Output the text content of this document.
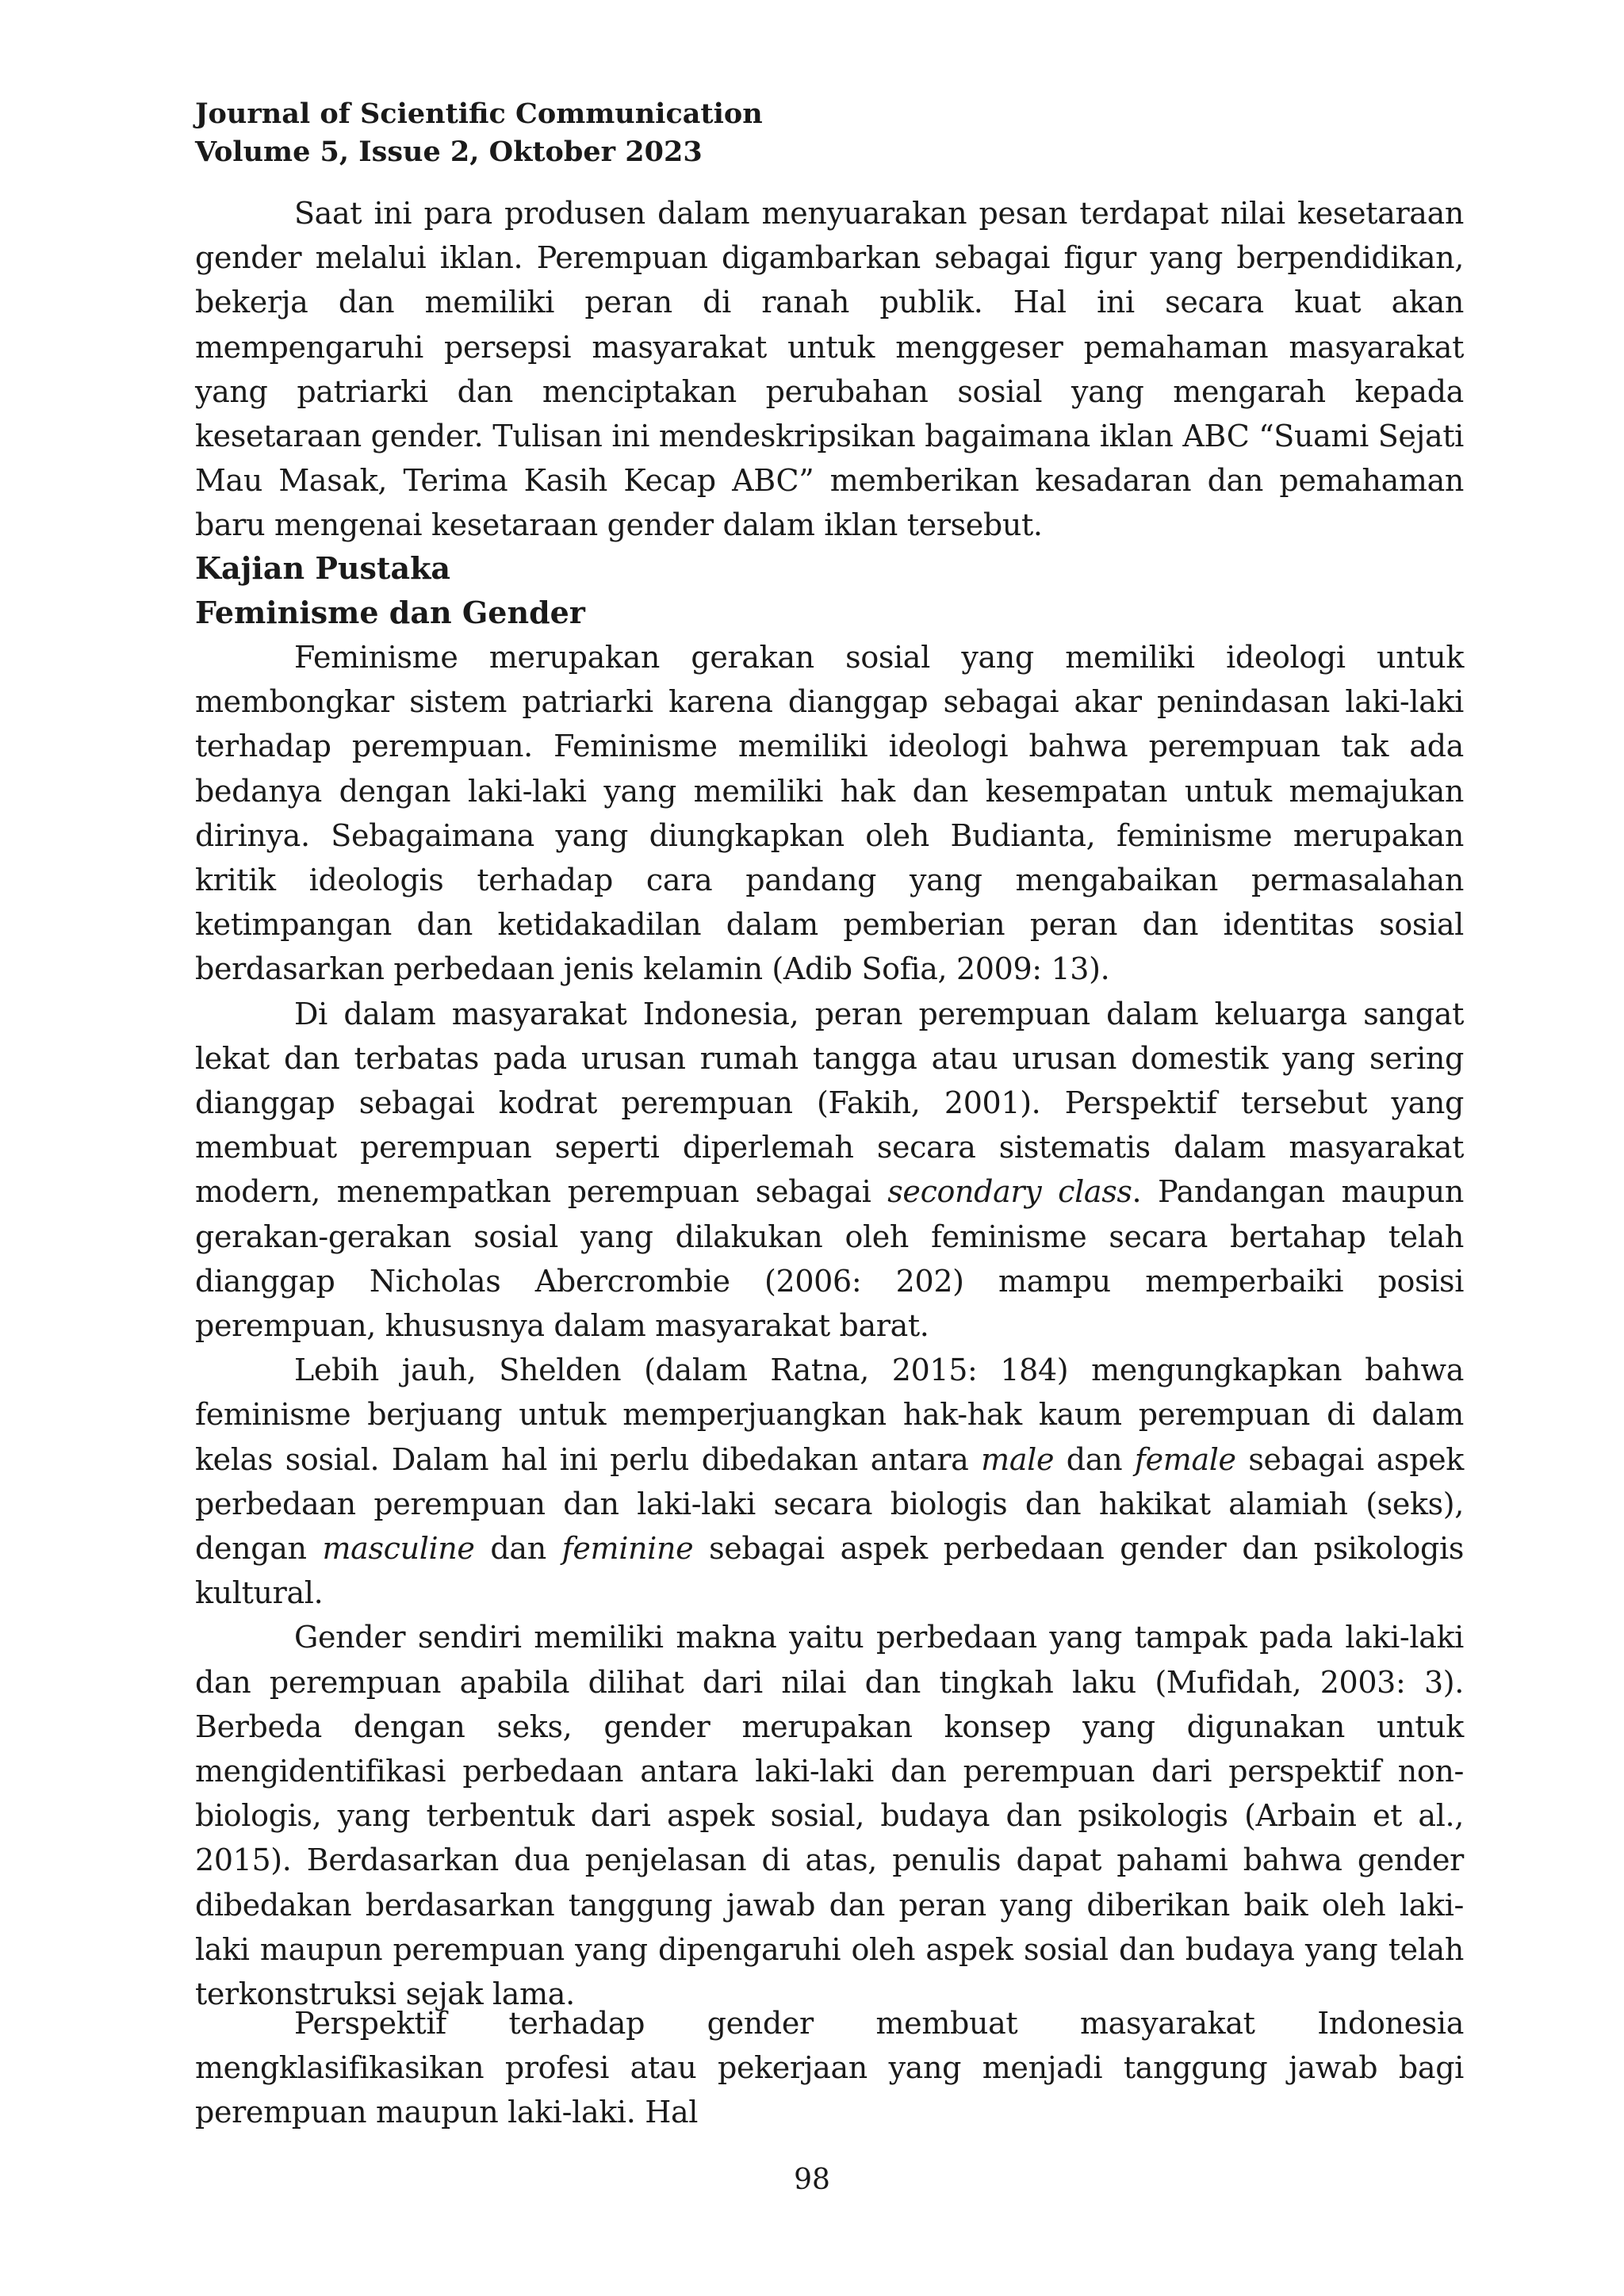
Journal of Scientific Communication
Volume 5, Issue 2, Oktober 2023

Saat ini para produsen dalam menyuarakan pesan terdapat nilai kesetaraan gender melalui iklan. Perempuan digambarkan sebagai figur yang berpendidikan, bekerja dan memiliki peran di ranah publik. Hal ini secara kuat akan mempengaruhi persepsi masyarakat untuk menggeser pemahaman masyarakat yang patriarki dan menciptakan perubahan sosial yang mengarah kepada kesetaraan gender. Tulisan ini mendeskripsikan bagaimana iklan ABC “Suami Sejati Mau Masak, Terima Kasih Kecap ABC” memberikan kesadaran dan pemahaman baru mengenai kesetaraan gender dalam iklan tersebut.

Kajian Pustaka
Feminisme dan Gender

Feminisme merupakan gerakan sosial yang memiliki ideologi untuk membongkar sistem patriarki karena dianggap sebagai akar penindasan laki-laki terhadap perempuan. Feminisme memiliki ideologi bahwa perempuan tak ada bedanya dengan laki-laki yang memiliki hak dan kesempatan untuk memajukan dirinya. Sebagaimana yang diungkapkan oleh Budianta, feminisme merupakan kritik ideologis terhadap cara pandang yang mengabaikan permasalahan ketimpangan dan ketidakadilan dalam pemberian peran dan identitas sosial berdasarkan perbedaan jenis kelamin (Adib Sofia, 2009: 13).

Di dalam masyarakat Indonesia, peran perempuan dalam keluarga sangat lekat dan terbatas pada urusan rumah tangga atau urusan domestik yang sering dianggap sebagai kodrat perempuan (Fakih, 2001). Perspektif tersebut yang membuat perempuan seperti diperlemah secara sistematis dalam masyarakat modern, menempatkan perempuan sebagai secondary class. Pandangan maupun gerakan-gerakan sosial yang dilakukan oleh feminisme secara bertahap telah dianggap Nicholas Abercrombie (2006: 202) mampu memperbaiki posisi perempuan, khususnya dalam masyarakat barat.

Lebih jauh, Shelden (dalam Ratna, 2015: 184) mengungkapkan bahwa feminisme berjuang untuk memperjuangkan hak-hak kaum perempuan di dalam kelas sosial. Dalam hal ini perlu dibedakan antara male dan female sebagai aspek perbedaan perempuan dan laki-laki secara biologis dan hakikat alamiah (seks), dengan masculine dan feminine sebagai aspek perbedaan gender dan psikologis kultural.

Gender sendiri memiliki makna yaitu perbedaan yang tampak pada laki-laki dan perempuan apabila dilihat dari nilai dan tingkah laku (Mufidah, 2003: 3). Berbeda dengan seks, gender merupakan konsep yang digunakan untuk mengidentifikasi perbedaan antara laki-laki dan perempuan dari perspektif non-biologis, yang terbentuk dari aspek sosial, budaya dan psikologis (Arbain et al., 2015). Berdasarkan dua penjelasan di atas, penulis dapat pahami bahwa gender dibedakan berdasarkan tanggung jawab dan peran yang diberikan baik oleh laki-laki maupun perempuan yang dipengaruhi oleh aspek sosial dan budaya yang telah terkonstruksi sejak lama.

Perspektif terhadap gender membuat masyarakat Indonesia mengklasifikasikan profesi atau pekerjaan yang menjadi tanggung jawab bagi perempuan maupun laki-laki. Hal

98
